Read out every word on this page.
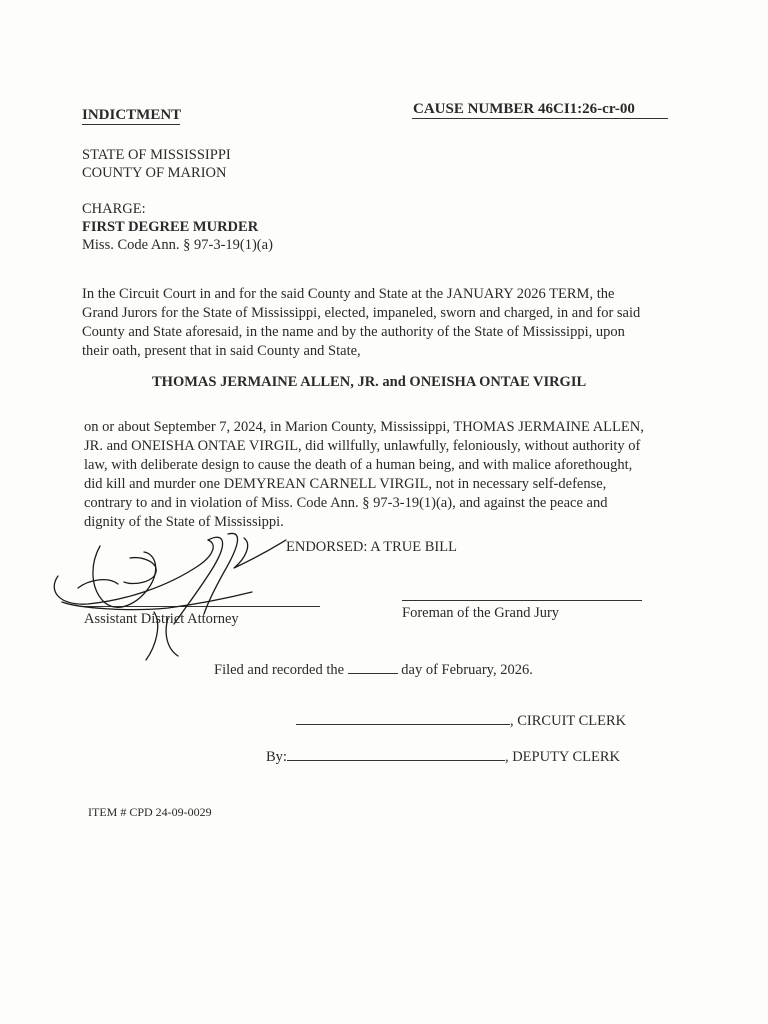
INDICTMENT	CAUSE NUMBER 46CI1:26-cr-00
STATE OF MISSISSIPPI
COUNTY OF MARION
CHARGE:
FIRST DEGREE MURDER
Miss. Code Ann. § 97-3-19(1)(a)
In the Circuit Court in and for the said County and State at the JANUARY 2026 TERM, the
Grand Jurors for the State of Mississippi, elected, impaneled, sworn and charged, in and for said
County and State aforesaid, in the name and by the authority of the State of Mississippi, upon
their oath, present that in said County and State,
THOMAS JERMAINE ALLEN, JR. and ONEISHA ONTAE VIRGIL
on or about September 7, 2024, in Marion County, Mississippi, THOMAS JERMAINE ALLEN,
JR. and ONEISHA ONTAE VIRGIL, did willfully, unlawfully, feloniously, without authority of
law, with deliberate design to cause the death of a human being, and with malice aforethought,
did kill and murder one DEMYREAN CARNELL VIRGIL, not in necessary self-defense,
contrary to and in violation of Miss. Code Ann. § 97-3-19(1)(a), and against the peace and
dignity of the State of Mississippi.
ENDORSED: A TRUE BILL
Assistant District Attorney	Foreman of the Grand Jury
Filed and recorded the	day of February, 2026.
, CIRCUIT CLERK
By:	, DEPUTY CLERK
ITEM # CPD 24-09-0029
